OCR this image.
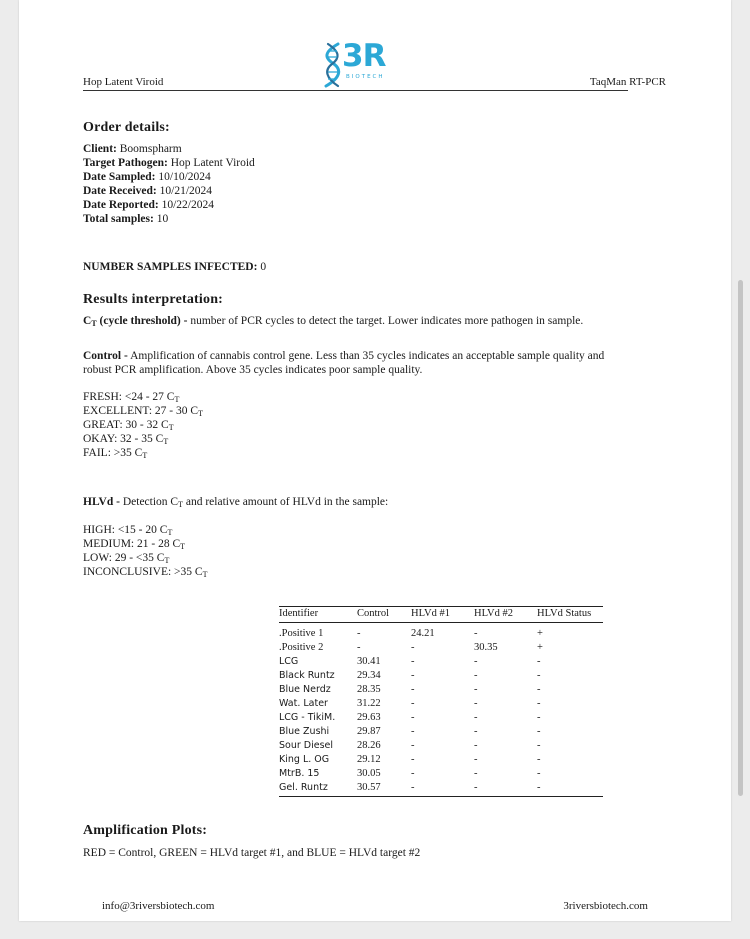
Hop Latent Viroid	TaqMan RT-PCR
3R
BIOTECH
Order details:
Client: Boomspharm
Target Pathogen: Hop Latent Viroid
Date Sampled: 10/10/2024
Date Received: 10/21/2024
Date Reported: 10/22/2024
Total samples: 10
NUMBER SAMPLES INFECTED: 0
Results interpretation:
$C_T$ (cycle threshold) - number of PCR cycles to detect the target. Lower indicates more pathogen in sample.
Control - Amplification of cannabis control gene. Less than 35 cycles indicates an acceptable sample quality and robust PCR amplification. Above 35 cycles indicates poor sample quality.
FRESH: <24 - 27 $C_T$
EXCELLENT: 27 - 30 $C_T$
GREAT: 30 - 32 $C_T$
OKAY: 32 - 35 $C_T$
FAIL: >35 $C_T$
HLVd - Detection $C_T$ and relative amount of HLVd in the sample:
HIGH: <15 - 20 $C_T$
MEDIUM: 21 - 28 $C_T$
LOW: 29 - <35 $C_T$
INCONCLUSIVE: >35 $C_T$
Identifier	Control	HLVd #1	HLVd #2	HLVd Status
.Positive 1	-	24.21	-	+
.Positive 2	-	-	30.35	+
LCG	30.41	-	-	-
Black Runtz	29.34	-	-	-
Blue Nerdz	28.35	-	-	-
Wat. Later	31.22	-	-	-
LCG - TikiM.	29.63	-	-	-
Blue Zushi	29.87	-	-	-
Sour Diesel	28.26	-	-	-
King L. OG	29.12	-	-	-
MtrB. 15	30.05	-	-	-
Gel. Runtz	30.57	-	-	-
Amplification Plots:
RED = Control, GREEN = HLVd target #1, and BLUE = HLVd target #2
info@3riversbiotech.com	3riversbiotech.com
